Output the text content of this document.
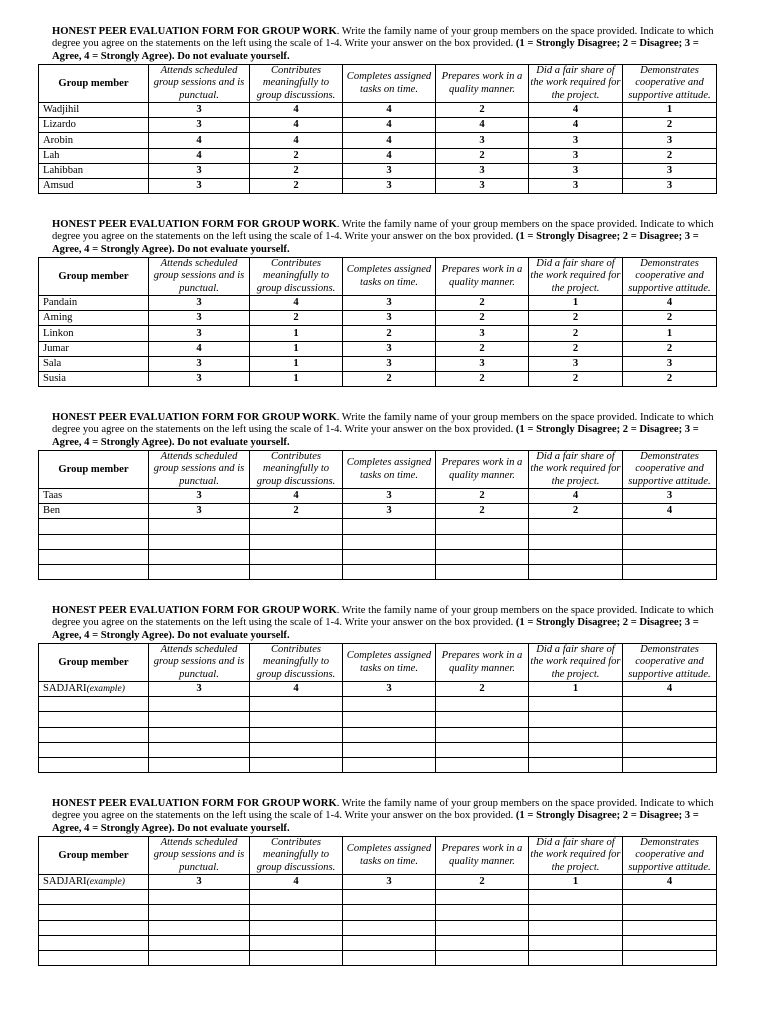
HONEST PEER EVALUATION FORM FOR GROUP WORK. Write the family name of your group members on the space provided. Indicate to which degree you agree on the statements on the left using the scale of 1-4. Write your answer on the box provided. (1 = Strongly Disagree; 2 = Disagree; 3 = Agree, 4 = Strongly Agree). Do not evaluate yourself.

Group member	Attends scheduled group sessions and is punctual.	Contributes meaningfully to group discussions.	Completes assigned tasks on time.	Prepares work in a quality manner.	Did a fair share of the work required for the project.	Demonstrates cooperative and supportive attitude.
Wadjihil	3	4	4	2	4	1
Lizardo	3	4	4	4	4	2
Arobin	4	4	4	3	3	3
Lah	4	2	4	2	3	2
Lahibban	3	2	3	3	3	3
Amsud	3	2	3	3	3	3

HONEST PEER EVALUATION FORM FOR GROUP WORK. Write the family name of your group members on the space provided. Indicate to which degree you agree on the statements on the left using the scale of 1-4. Write your answer on the box provided. (1 = Strongly Disagree; 2 = Disagree; 3 = Agree, 4 = Strongly Agree). Do not evaluate yourself.

Group member	Attends scheduled group sessions and is punctual.	Contributes meaningfully to group discussions.	Completes assigned tasks on time.	Prepares work in a quality manner.	Did a fair share of the work required for the project.	Demonstrates cooperative and supportive attitude.
Pandain	3	4	3	2	1	4
Aming	3	2	3	2	2	2
Linkon	3	1	2	3	2	1
Jumar	4	1	3	2	2	2
Sala	3	1	3	3	3	3
Susia	3	1	2	2	2	2

HONEST PEER EVALUATION FORM FOR GROUP WORK. Write the family name of your group members on the space provided. Indicate to which degree you agree on the statements on the left using the scale of 1-4. Write your answer on the box provided. (1 = Strongly Disagree; 2 = Disagree; 3 = Agree, 4 = Strongly Agree). Do not evaluate yourself.

Group member	Attends scheduled group sessions and is punctual.	Contributes meaningfully to group discussions.	Completes assigned tasks on time.	Prepares work in a quality manner.	Did a fair share of the work required for the project.	Demonstrates cooperative and supportive attitude.
Taas	3	4	3	2	4	3
Ben	3	2	3	2	2	4

HONEST PEER EVALUATION FORM FOR GROUP WORK. Write the family name of your group members on the space provided. Indicate to which degree you agree on the statements on the left using the scale of 1-4. Write your answer on the box provided. (1 = Strongly Disagree; 2 = Disagree; 3 = Agree, 4 = Strongly Agree). Do not evaluate yourself.

Group member	Attends scheduled group sessions and is punctual.	Contributes meaningfully to group discussions.	Completes assigned tasks on time.	Prepares work in a quality manner.	Did a fair share of the work required for the project.	Demonstrates cooperative and supportive attitude.
SADJARI(example)	3	4	3	2	1	4

HONEST PEER EVALUATION FORM FOR GROUP WORK. Write the family name of your group members on the space provided. Indicate to which degree you agree on the statements on the left using the scale of 1-4. Write your answer on the box provided. (1 = Strongly Disagree; 2 = Disagree; 3 = Agree, 4 = Strongly Agree). Do not evaluate yourself.

Group member	Attends scheduled group sessions and is punctual.	Contributes meaningfully to group discussions.	Completes assigned tasks on time.	Prepares work in a quality manner.	Did a fair share of the work required for the project.	Demonstrates cooperative and supportive attitude.
SADJARI(example)	3	4	3	2	1	4
